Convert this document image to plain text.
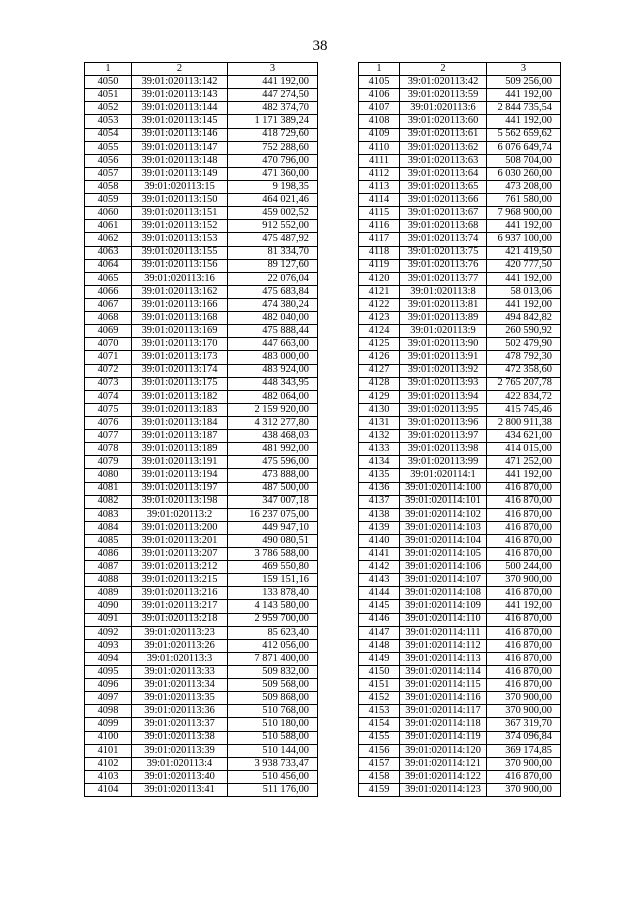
38
1	2	3
4050	39:01:020113:142	441 192,00
4051	39:01:020113:143	447 274,50
4052	39:01:020113:144	482 374,70
4053	39:01:020113:145	1 171 389,24
4054	39:01:020113:146	418 729,60
4055	39:01:020113:147	752 288,60
4056	39:01:020113:148	470 796,00
4057	39:01:020113:149	471 360,00
4058	39:01:020113:15	9 198,35
4059	39:01:020113:150	464 021,46
4060	39:01:020113:151	459 002,52
4061	39:01:020113:152	912 552,00
4062	39:01:020113:153	475 487,92
4063	39:01:020113:155	81 334,70
4064	39:01:020113:156	89 127,60
4065	39:01:020113:16	22 076,04
4066	39:01:020113:162	475 683,84
4067	39:01:020113:166	474 380,24
4068	39:01:020113:168	482 040,00
4069	39:01:020113:169	475 888,44
4070	39:01:020113:170	447 663,00
4071	39:01:020113:173	483 000,00
4072	39:01:020113:174	483 924,00
4073	39:01:020113:175	448 343,95
4074	39:01:020113:182	482 064,00
4075	39:01:020113:183	2 159 920,00
4076	39:01:020113:184	4 312 277,80
4077	39:01:020113:187	438 468,03
4078	39:01:020113:189	481 992,00
4079	39:01:020113:191	475 596,00
4080	39:01:020113:194	473 888,00
4081	39:01:020113:197	487 500,00
4082	39:01:020113:198	347 007,18
4083	39:01:020113:2	16 237 075,00
4084	39:01:020113:200	449 947,10
4085	39:01:020113:201	490 080,51
4086	39:01:020113:207	3 786 588,00
4087	39:01:020113:212	469 550,80
4088	39:01:020113:215	159 151,16
4089	39:01:020113:216	133 878,40
4090	39:01:020113:217	4 143 580,00
4091	39:01:020113:218	2 959 700,00
4092	39:01:020113:23	85 623,40
4093	39:01:020113:26	412 056,00
4094	39:01:020113:3	7 871 400,00
4095	39:01:020113:33	509 832,00
4096	39:01:020113:34	509 568,00
4097	39:01:020113:35	509 868,00
4098	39:01:020113:36	510 768,00
4099	39:01:020113:37	510 180,00
4100	39:01:020113:38	510 588,00
4101	39:01:020113:39	510 144,00
4102	39:01:020113:4	3 938 733,47
4103	39:01:020113:40	510 456,00
4104	39:01:020113:41	511 176,00
1	2	3
4105	39:01:020113:42	509 256,00
4106	39:01:020113:59	441 192,00
4107	39:01:020113:6	2 844 735,54
4108	39:01:020113:60	441 192,00
4109	39:01:020113:61	5 562 659,62
4110	39:01:020113:62	6 076 649,74
4111	39:01:020113:63	508 704,00
4112	39:01:020113:64	6 030 260,00
4113	39:01:020113:65	473 208,00
4114	39:01:020113:66	761 580,00
4115	39:01:020113:67	7 968 900,00
4116	39:01:020113:68	441 192,00
4117	39:01:020113:74	6 937 100,00
4118	39:01:020113:75	421 419,50
4119	39:01:020113:76	420 777,50
4120	39:01:020113:77	441 192,00
4121	39:01:020113:8	58 013,06
4122	39:01:020113:81	441 192,00
4123	39:01:020113:89	494 842,82
4124	39:01:020113:9	260 590,92
4125	39:01:020113:90	502 479,90
4126	39:01:020113:91	478 792,30
4127	39:01:020113:92	472 358,60
4128	39:01:020113:93	2 765 207,78
4129	39:01:020113:94	422 834,72
4130	39:01:020113:95	415 745,46
4131	39:01:020113:96	2 800 911,38
4132	39:01:020113:97	434 621,00
4133	39:01:020113:98	414 015,00
4134	39:01:020113:99	471 252,00
4135	39:01:020114:1	441 192,00
4136	39:01:020114:100	416 870,00
4137	39:01:020114:101	416 870,00
4138	39:01:020114:102	416 870,00
4139	39:01:020114:103	416 870,00
4140	39:01:020114:104	416 870,00
4141	39:01:020114:105	416 870,00
4142	39:01:020114:106	500 244,00
4143	39:01:020114:107	370 900,00
4144	39:01:020114:108	416 870,00
4145	39:01:020114:109	441 192,00
4146	39:01:020114:110	416 870,00
4147	39:01:020114:111	416 870,00
4148	39:01:020114:112	416 870,00
4149	39:01:020114:113	416 870,00
4150	39:01:020114:114	416 870,00
4151	39:01:020114:115	416 870,00
4152	39:01:020114:116	370 900,00
4153	39:01:020114:117	370 900,00
4154	39:01:020114:118	367 319,70
4155	39:01:020114:119	374 096,84
4156	39:01:020114:120	369 174,85
4157	39:01:020114:121	370 900,00
4158	39:01:020114:122	416 870,00
4159	39:01:020114:123	370 900,00
